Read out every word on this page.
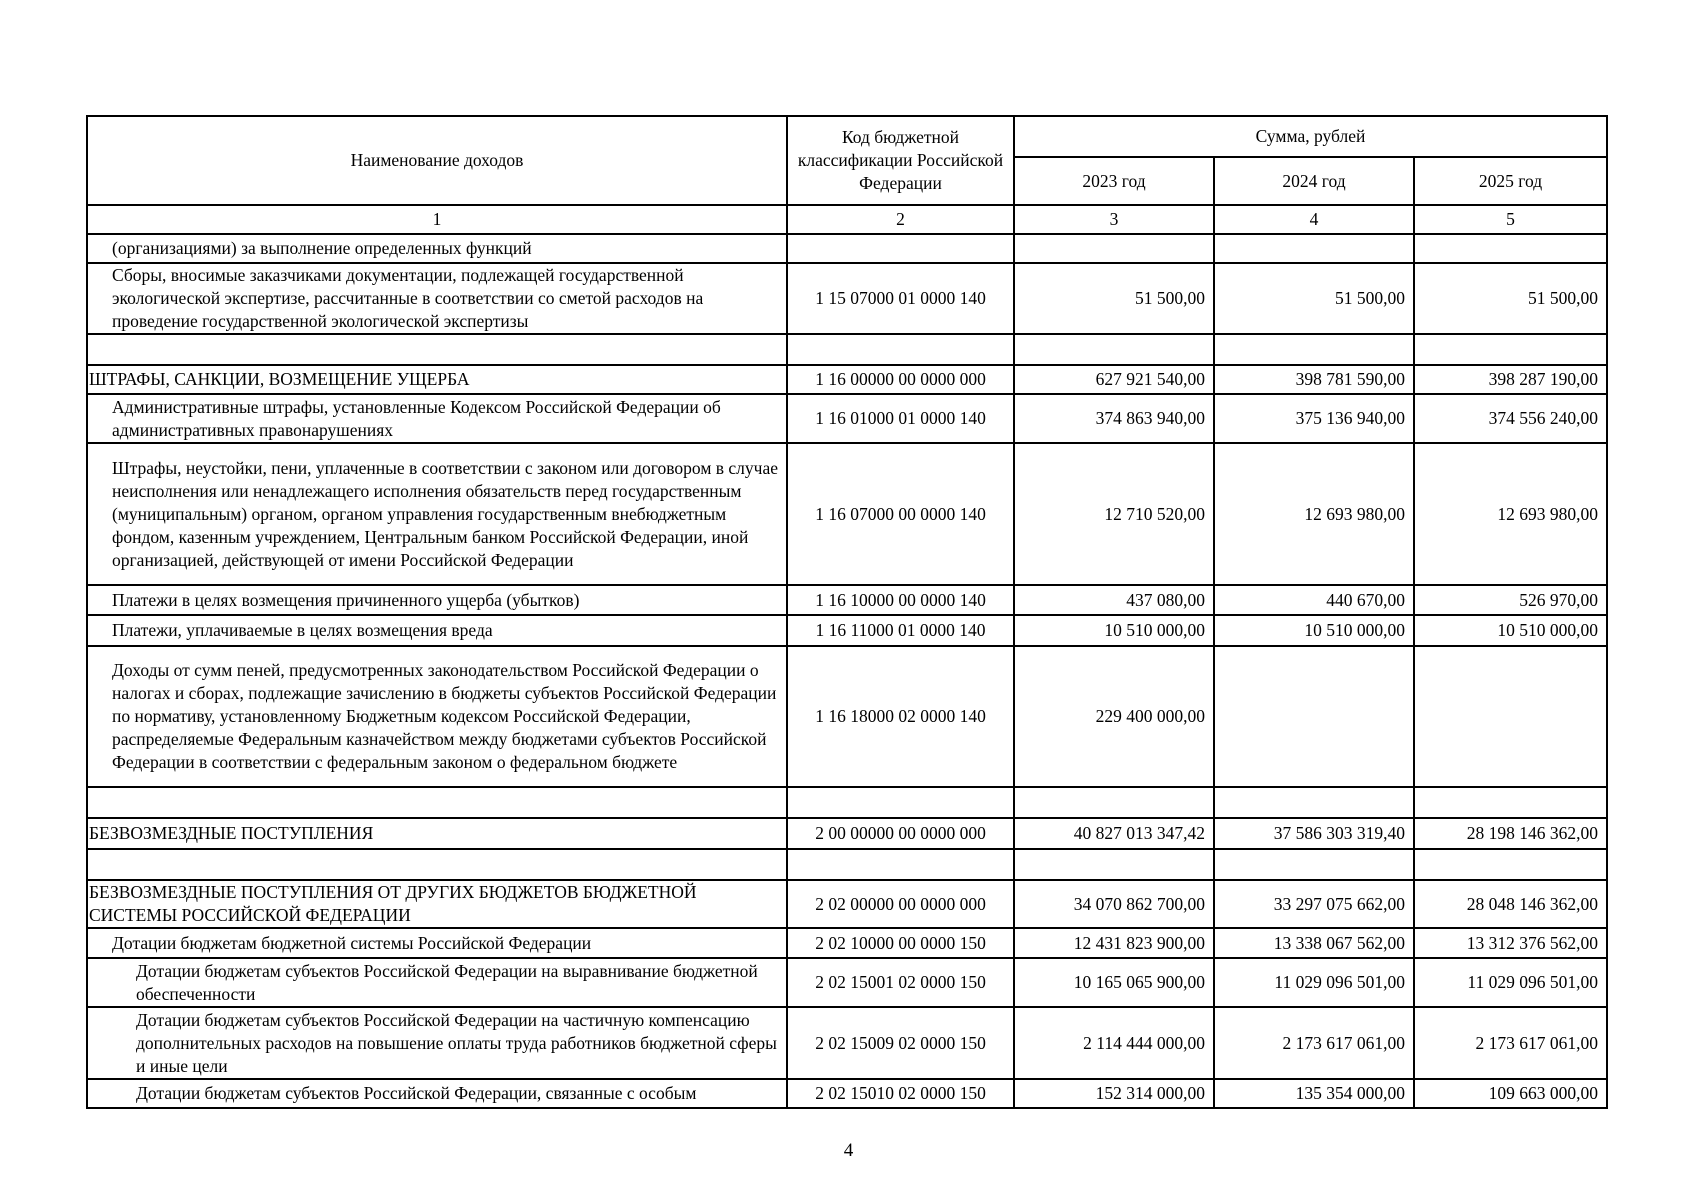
Наименование доходов	Код бюджетной классификации Российской Федерации	Сумма, рублей		
		2023 год	2024 год	2025 год
1	2	3	4	5
(организациями) за выполнение определенных функций				
Сборы, вносимые заказчиками документации, подлежащей государственной экологической экспертизе, рассчитанные в соответствии со сметой расходов на проведение государственной экологической экспертизы	1 15 07000 01 0000 140	51 500,00	51 500,00	51 500,00

ШТРАФЫ, САНКЦИИ, ВОЗМЕЩЕНИЕ УЩЕРБА	1 16 00000 00 0000 000	627 921 540,00	398 781 590,00	398 287 190,00
Административные штрафы, установленные Кодексом Российской Федерации об административных правонарушениях	1 16 01000 01 0000 140	374 863 940,00	375 136 940,00	374 556 240,00
Штрафы, неустойки, пени, уплаченные в соответствии с законом или договором в случае неисполнения или ненадлежащего исполнения обязательств перед государственным (муниципальным) органом, органом управления государственным внебюджетным фондом, казенным учреждением, Центральным банком Российской Федерации, иной организацией, действующей от имени Российской Федерации	1 16 07000 00 0000 140	12 710 520,00	12 693 980,00	12 693 980,00
Платежи в целях возмещения причиненного ущерба (убытков)	1 16 10000 00 0000 140	437 080,00	440 670,00	526 970,00
Платежи, уплачиваемые в целях возмещения вреда	1 16 11000 01 0000 140	10 510 000,00	10 510 000,00	10 510 000,00
Доходы от сумм пеней, предусмотренных законодательством Российской Федерации о налогах и сборах, подлежащие зачислению в бюджеты субъектов Российской Федерации по нормативу, установленному Бюджетным кодексом Российской Федерации, распределяемые Федеральным казначейством между бюджетами субъектов Российской Федерации в соответствии с федеральным законом о федеральном бюджете	1 16 18000 02 0000 140	229 400 000,00		

БЕЗВОЗМЕЗДНЫЕ ПОСТУПЛЕНИЯ	2 00 00000 00 0000 000	40 827 013 347,42	37 586 303 319,40	28 198 146 362,00

БЕЗВОЗМЕЗДНЫЕ ПОСТУПЛЕНИЯ ОТ ДРУГИХ БЮДЖЕТОВ БЮДЖЕТНОЙ СИСТЕМЫ РОССИЙСКОЙ ФЕДЕРАЦИИ	2 02 00000 00 0000 000	34 070 862 700,00	33 297 075 662,00	28 048 146 362,00
Дотации бюджетам бюджетной системы Российской Федерации	2 02 10000 00 0000 150	12 431 823 900,00	13 338 067 562,00	13 312 376 562,00
Дотации бюджетам субъектов Российской Федерации на выравнивание бюджетной обеспеченности	2 02 15001 02 0000 150	10 165 065 900,00	11 029 096 501,00	11 029 096 501,00
Дотации бюджетам субъектов Российской Федерации на частичную компенсацию дополнительных расходов на повышение оплаты труда работников бюджетной сферы и иные цели	2 02 15009 02 0000 150	2 114 444 000,00	2 173 617 061,00	2 173 617 061,00
Дотации бюджетам субъектов Российской Федерации, связанные с особым	2 02 15010 02 0000 150	152 314 000,00	135 354 000,00	109 663 000,00
4
